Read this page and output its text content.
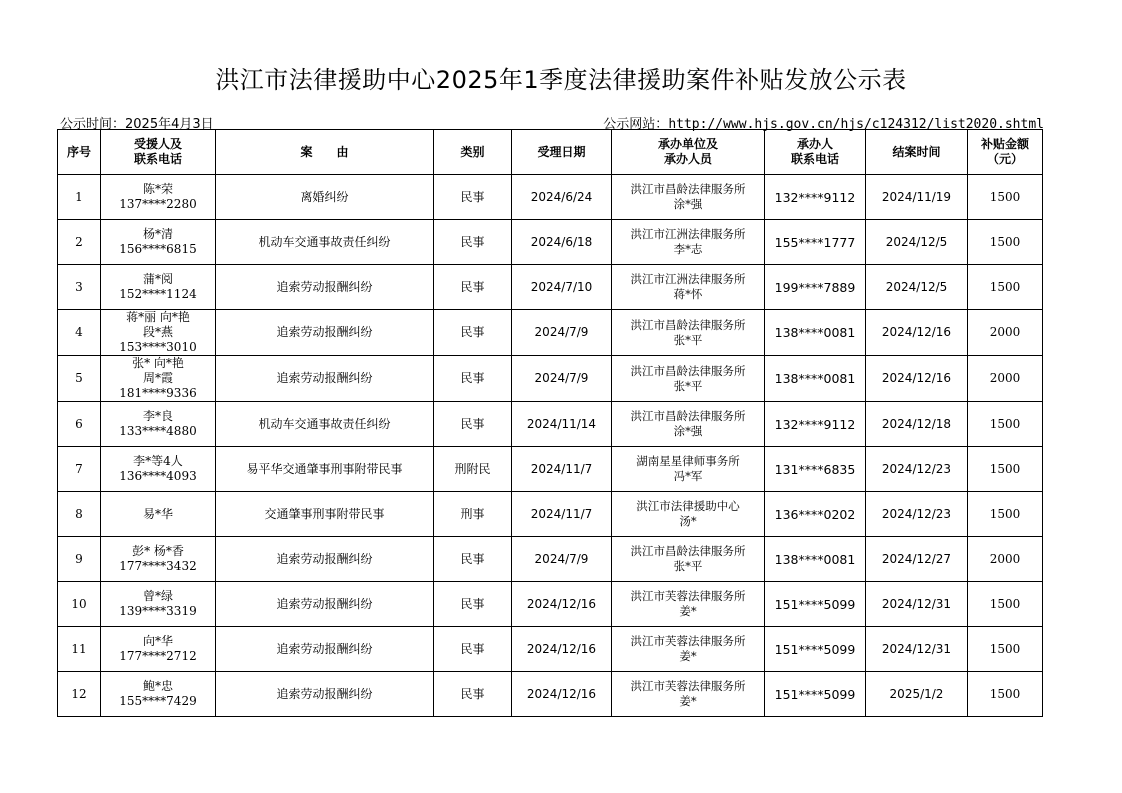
洪江市法律援助中心2025年1季度法律援助案件补贴发放公示表
公示时间：2025年4月3日	公示网站：http://www.hjs.gov.cn/hjs/c124312/list2020.shtml
序号	受援人及
联系电话	案　　由	类别	受理日期	承办单位及
承办人员	承办人
联系电话	结案时间	补贴金额
（元）

1	陈*荣
137****2280	离婚纠纷	民事	2024/6/24	洪江市昌龄法律服务所
涂*强	132****9112	2024/11/19	1500

2	杨*清
156****6815	机动车交通事故责任纠纷	民事	2024/6/18	洪江市江洲法律服务所
李*志	155****1777	2024/12/5	1500

3	蒲*阅
152****1124	追索劳动报酬纠纷	民事	2024/7/10	洪江市江洲法律服务所
蒋*怀	199****7889	2024/12/5	1500

4	蒋*丽 向*艳
段*燕
153****3010	追索劳动报酬纠纷	民事	2024/7/9	洪江市昌龄法律服务所
张*平	138****0081	2024/12/16	2000

5	张* 向*艳
周*霞
181****9336	追索劳动报酬纠纷	民事	2024/7/9	洪江市昌龄法律服务所
张*平	138****0081	2024/12/16	2000

6	李*良
133****4880	机动车交通事故责任纠纷	民事	2024/11/14	洪江市昌龄法律服务所
涂*强	132****9112	2024/12/18	1500

7	李*等4人
136****4093	易平华交通肇事刑事附带民事	刑附民	2024/11/7	湖南星星律师事务所
冯*军	131****6835	2024/12/23	1500

8	易*华	交通肇事刑事附带民事	刑事	2024/11/7	洪江市法律援助中心
汤*	136****0202	2024/12/23	1500

9	彭* 杨*香
177****3432	追索劳动报酬纠纷	民事	2024/7/9	洪江市昌龄法律服务所
张*平	138****0081	2024/12/27	2000

10	曾*绿
139****3319	追索劳动报酬纠纷	民事	2024/12/16	洪江市芙蓉法律服务所
姜*	151****5099	2024/12/31	1500

11	向*华
177****2712	追索劳动报酬纠纷	民事	2024/12/16	洪江市芙蓉法律服务所
姜*	151****5099	2024/12/31	1500

12	鲍*忠
155****7429	追索劳动报酬纠纷	民事	2024/12/16	洪江市芙蓉法律服务所
姜*	151****5099	2025/1/2	1500
